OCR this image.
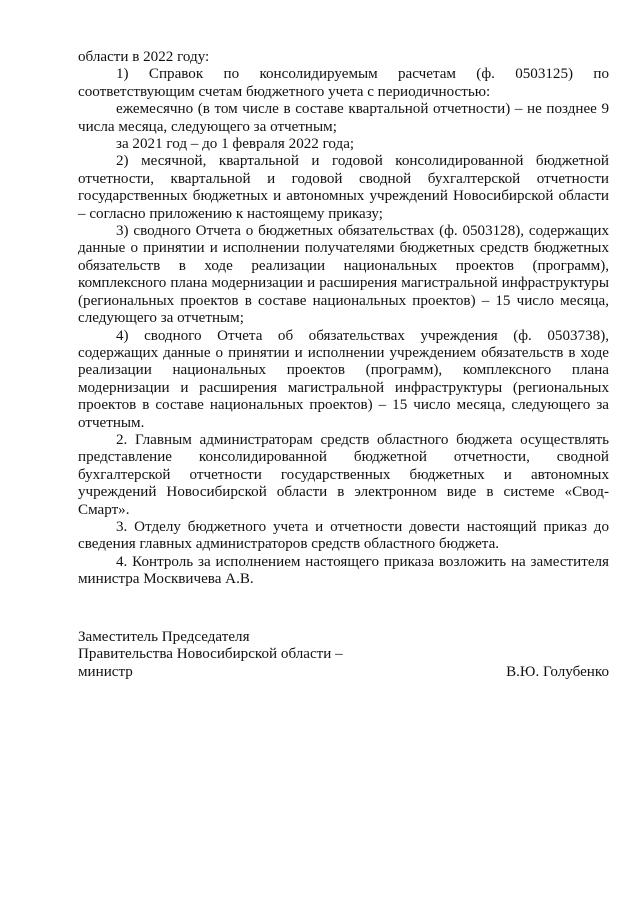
области в 2022 году:

1) Справок по консолидируемым расчетам (ф. 0503125) по соответствующим счетам бюджетного учета с периодичностью:

ежемесячно (в том числе в составе квартальной отчетности) – не позднее 9 числа месяца, следующего за отчетным;

за 2021 год – до 1 февраля 2022 года;

2) месячной, квартальной и годовой консолидированной бюджетной отчетности, квартальной и годовой сводной бухгалтерской отчетности государственных бюджетных и автономных учреждений Новосибирской области – согласно приложению к настоящему приказу;

3) сводного Отчета о бюджетных обязательствах (ф. 0503128), содержащих данные о принятии и исполнении получателями бюджетных средств бюджетных обязательств в ходе реализации национальных проектов (программ), комплексного плана модернизации и расширения магистральной инфраструктуры (региональных проектов в составе национальных проектов) – 15 число месяца, следующего за отчетным;

4) сводного Отчета об обязательствах учреждения (ф. 0503738), содержащих данные о принятии и исполнении учреждением обязательств в ходе реализации национальных проектов (программ), комплексного плана модернизации и расширения магистральной инфраструктуры (региональных проектов в составе национальных проектов) – 15 число месяца, следующего за отчетным.

2. Главным администраторам средств областного бюджета осуществлять представление консолидированной бюджетной отчетности, сводной бухгалтерской отчетности государственных бюджетных и автономных учреждений Новосибирской области в электронном виде в системе «Свод-Смарт».

3. Отделу бюджетного учета и отчетности довести настоящий приказ до сведения главных администраторов средств областного бюджета.

4. Контроль за исполнением настоящего приказа возложить на заместителя министра Москвичева А.В.

Заместитель Председателя

Правительства Новосибирской области –

министр	В.Ю. Голубенко
